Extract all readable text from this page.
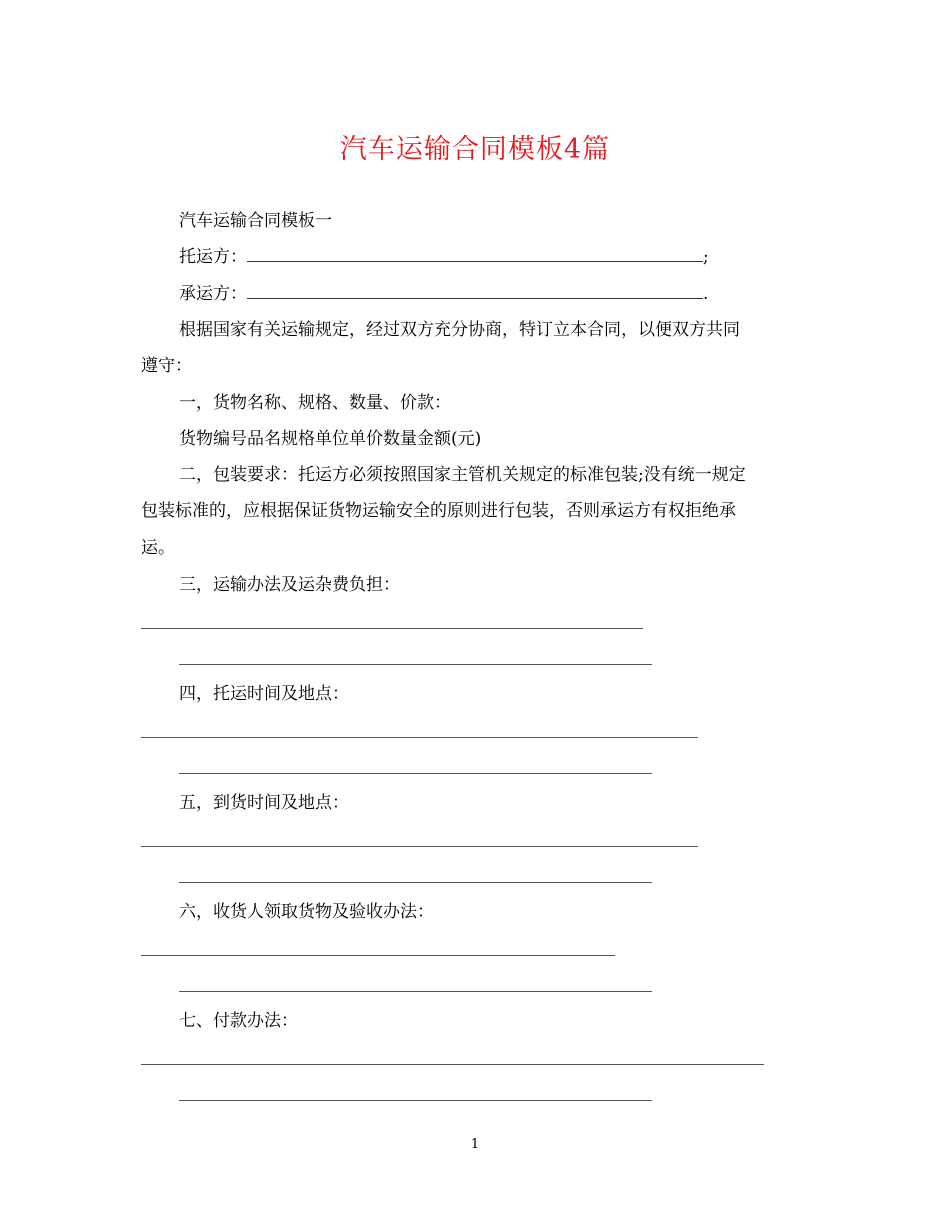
汽车运输合同模板4篇
汽车运输合同模板一
托运方：	;
承运方：	.
根据国家有关运输规定，经过双方充分协商，特订立本合同，以便双方共同
遵守：
一，货物名称、规格、数量、价款：
货物编号品名规格单位单价数量金额(元)
二，包装要求：托运方必须按照国家主管机关规定的标准包装;没有统一规定
包装标准的，应根据保证货物运输安全的原则进行包装，否则承运方有权拒绝承
运。
三，运输办法及运杂费负担：
四，托运时间及地点：
五，到货时间及地点：
六，收货人领取货物及验收办法：
七、付款办法：
1
